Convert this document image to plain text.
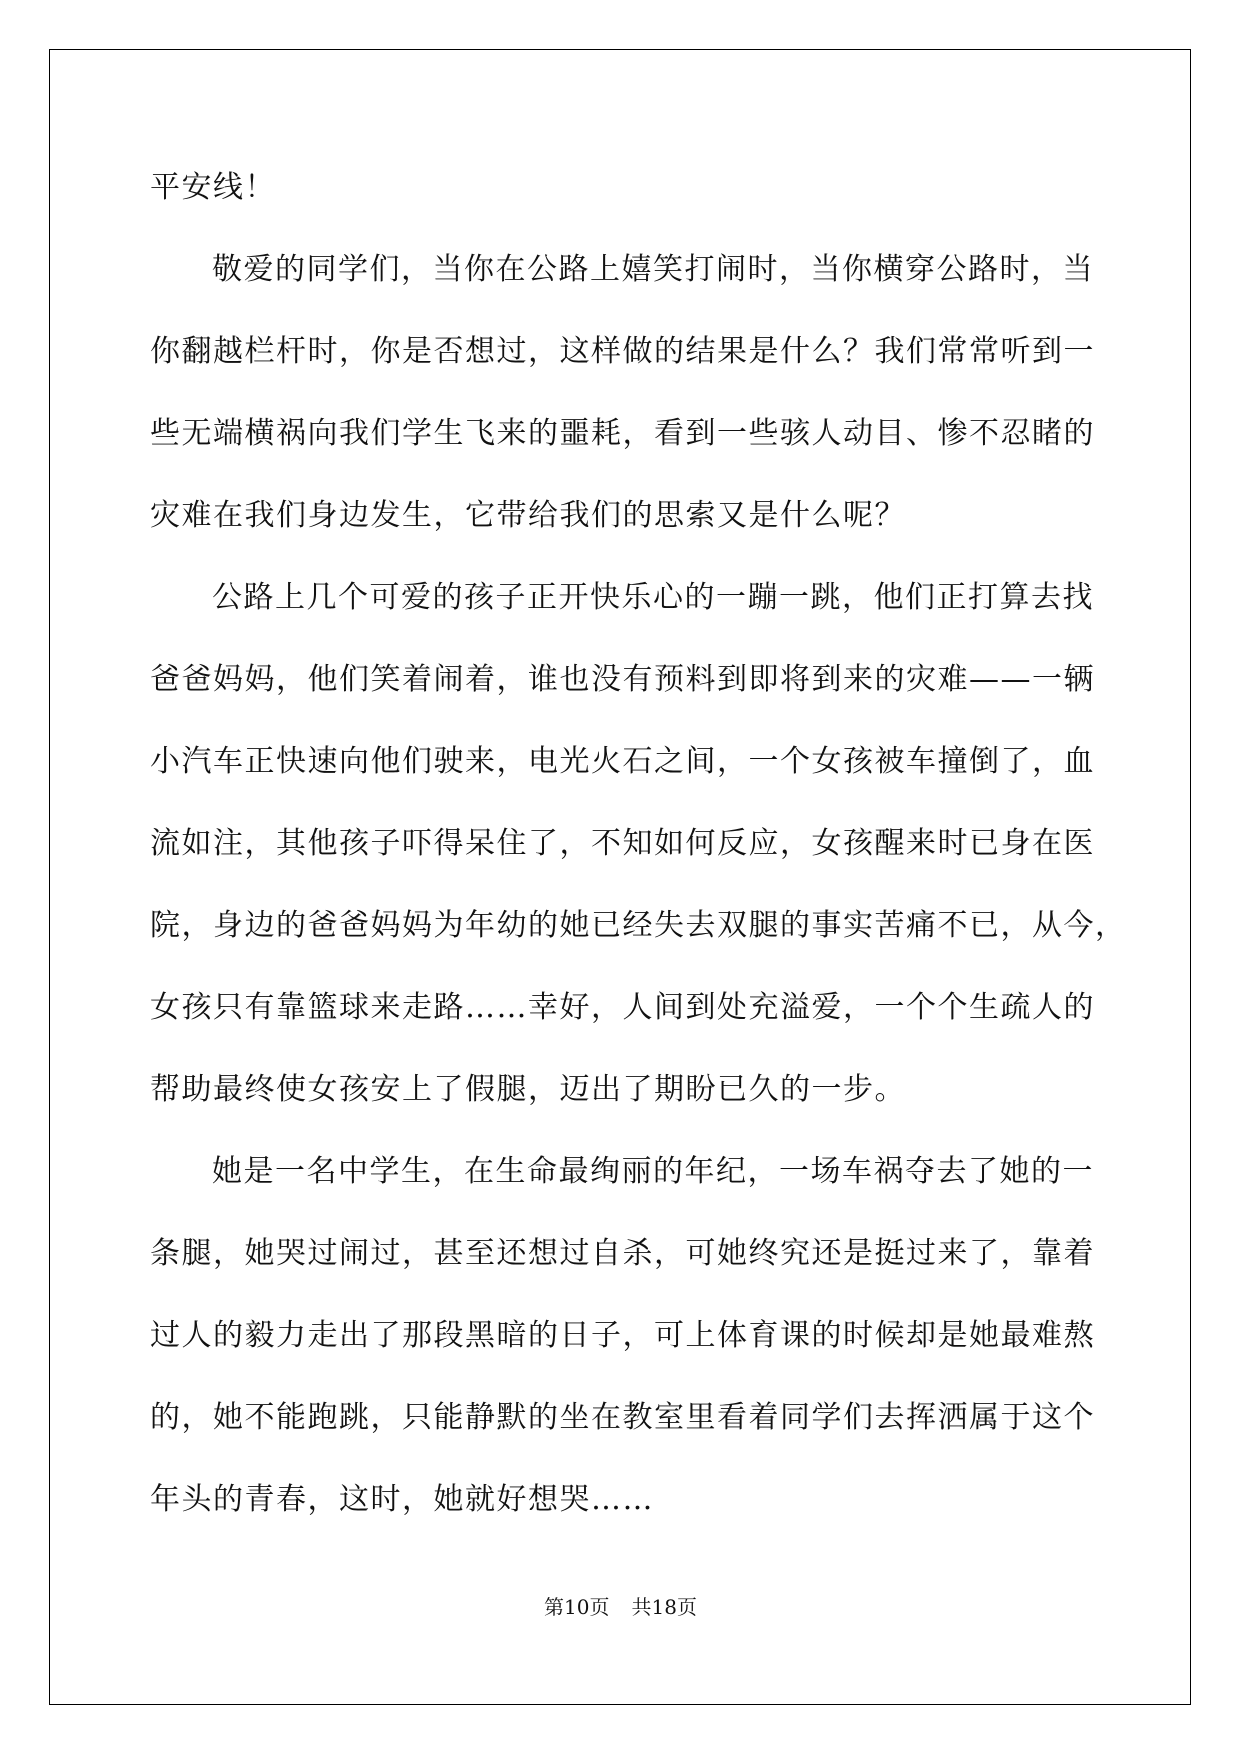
平安线！
敬爱的同学们，当你在公路上嬉笑打闹时，当你横穿公路时，当
你翻越栏杆时，你是否想过，这样做的结果是什么？我们常常听到一
些无端横祸向我们学生飞来的噩耗，看到一些骇人动目、惨不忍睹的
灾难在我们身边发生，它带给我们的思索又是什么呢？
公路上几个可爱的孩子正开快乐心的一蹦一跳，他们正打算去找
爸爸妈妈，他们笑着闹着，谁也没有预料到即将到来的灾难——一辆
小汽车正快速向他们驶来，电光火石之间，一个女孩被车撞倒了，血
流如注，其他孩子吓得呆住了，不知如何反应，女孩醒来时已身在医
院，身边的爸爸妈妈为年幼的她已经失去双腿的事实苦痛不已，从今，
女孩只有靠篮球来走路……幸好，人间到处充溢爱，一个个生疏人的
帮助最终使女孩安上了假腿，迈出了期盼已久的一步。
她是一名中学生，在生命最绚丽的年纪，一场车祸夺去了她的一
条腿，她哭过闹过，甚至还想过自杀，可她终究还是挺过来了，靠着
过人的毅力走出了那段黑暗的日子，可上体育课的时候却是她最难熬
的，她不能跑跳，只能静默的坐在教室里看着同学们去挥洒属于这个
年头的青春，这时，她就好想哭……
第10页 共18页
